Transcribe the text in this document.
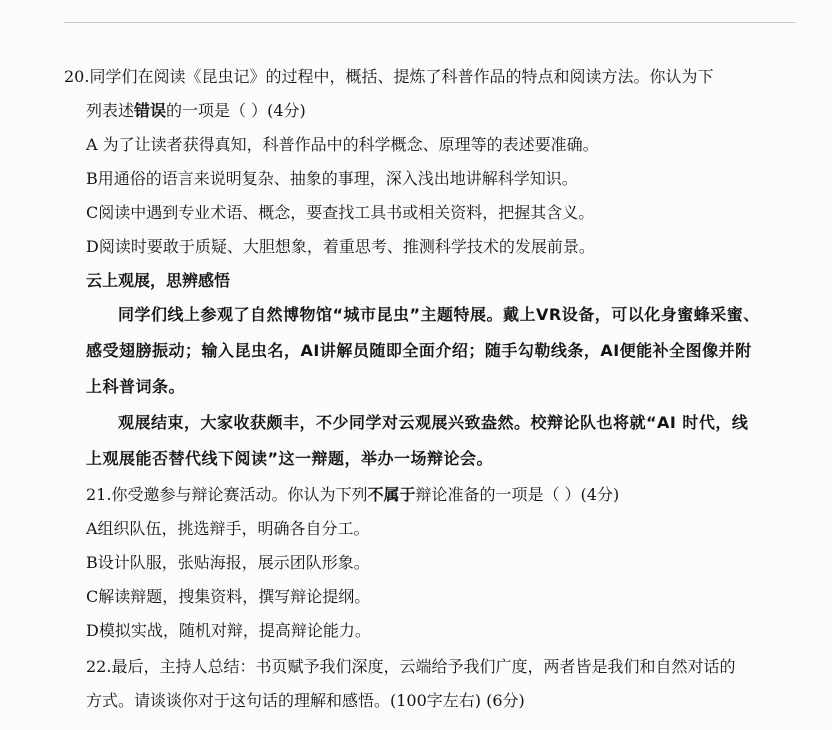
20.同学们在阅读《昆虫记》的过程中，概括、提炼了科普作品的特点和阅读方法。你认为下
列表述错误的一项是（ ）(4分)
A 为了让读者获得真知，科普作品中的科学概念、原理等的表述要准确。
B用通俗的语言来说明复杂、抽象的事理，深入浅出地讲解科学知识。
C阅读中遇到专业术语、概念，要查找工具书或相关资料，把握其含义。
D阅读时要敢于质疑、大胆想象，着重思考、推测科学技术的发展前景。
云上观展，思辨感悟
同学们线上参观了自然博物馆“城市昆虫”主题特展。戴上VR设备，可以化身蜜蜂采蜜、
感受翅膀振动；输入昆虫名，AI讲解员随即全面介绍；随手勾勒线条，AI便能补全图像并附
上科普词条。
观展结束，大家收获颇丰，不少同学对云观展兴致盎然。校辩论队也将就“AI 时代，线
上观展能否替代线下阅读”这一辩题，举办一场辩论会。
21.你受邀参与辩论赛活动。你认为下列不属于辩论准备的一项是（ ）(4分)
A组织队伍，挑选辩手，明确各自分工。
B设计队服，张贴海报，展示团队形象。
C解读辩题，搜集资料，撰写辩论提纲。
D模拟实战，随机对辩，提高辩论能力。
22.最后，主持人总结：书页赋予我们深度，云端给予我们广度，两者皆是我们和自然对话的
方式。请谈谈你对于这句话的理解和感悟。(100字左右) (6分)
